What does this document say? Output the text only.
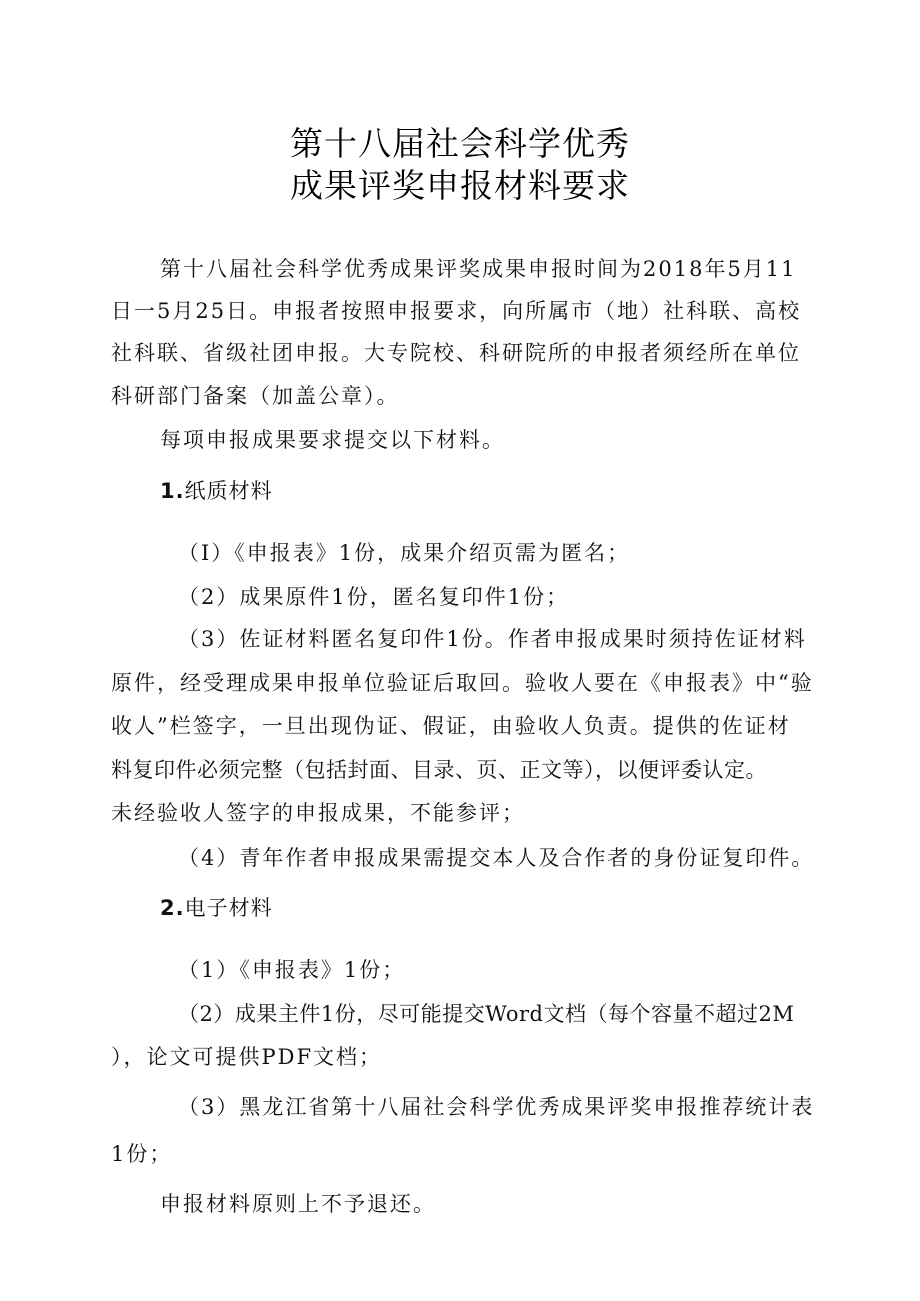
第十八届社会科学优秀
成果评奖申报材料要求
第十八届社会科学优秀成果评奖成果申报时间为2018年5月11
日一5月25日。申报者按照申报要求，向所属市（地）社科联、高校
社科联、省级社团申报。大专院校、科研院所的申报者须经所在单位
科研部门备案（加盖公章）。
每项申报成果要求提交以下材料。
1.纸质材料
（I）《申报表》1份，成果介绍页需为匿名；
（2）成果原件1份，匿名复印件1份；
（3）佐证材料匿名复印件1份。作者申报成果时须持佐证材料
原件，经受理成果申报单位验证后取回。验收人要在《申报表》中“验
收人”栏签字，一旦出现伪证、假证，由验收人负责。提供的佐证材
料复印件必须完整（包括封面、目录、页、正文等），以便评委认定。
未经验收人签字的申报成果，不能参评；
（4）青年作者申报成果需提交本人及合作者的身份证复印件。
2.电子材料
（1）《申报表》1份；
（2）成果主件1份，尽可能提交Word文档（每个容量不超过2M
），论文可提供PDF文档；
（3）黑龙江省第十八届社会科学优秀成果评奖申报推荐统计表
1份；
申报材料原则上不予退还。
